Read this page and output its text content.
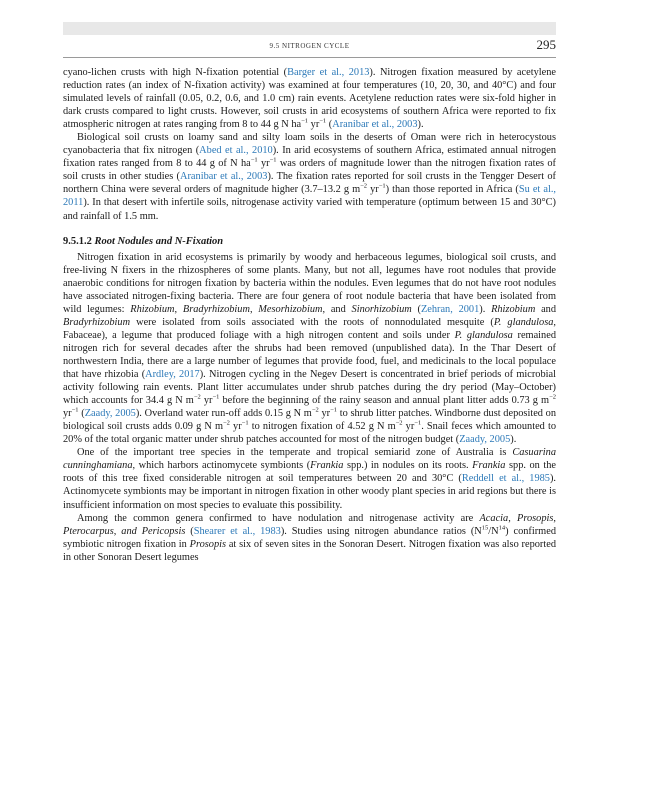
9.5 NITROGEN CYCLE	295

cyano-lichen crusts with high N-fixation potential (Barger et al., 2013). Nitrogen fixation measured by acetylene reduction rates (an index of N-fixation activity) was examined at four temperatures (10, 20, 30, and 40°C) and four simulated levels of rainfall (0.05, 0.2, 0.6, and 1.0 cm) rain events. Acetylene reduction rates were six-fold higher in dark crusts compared to light crusts. However, soil crusts in arid ecosystems of southern Africa were reported to fix atmospheric nitrogen at rates ranging from 8 to 44 g N $ha^{-1}$ $yr^{-1}$ (Aranibar et al., 2003).

Biological soil crusts on loamy sand and silty loam soils in the deserts of Oman were rich in heterocystous cyanobacteria that fix nitrogen (Abed et al., 2010). In arid ecosystems of southern Africa, estimated annual nitrogen fixation rates ranged from 8 to 44 g of N $ha^{-1}$ $yr^{-1}$ was orders of magnitude lower than the nitrogen fixation rates of soil crusts in other studies (Aranibar et al., 2003). The fixation rates reported for soil crusts in the Tengger Desert of northern China were several orders of magnitude higher (3.7–13.2 g $m^{-2}$ $yr^{-1}$) than those reported in Africa (Su et al., 2011). In that desert with infertile soils, nitrogenase activity varied with temperature (optimum between 15 and 30°C) and rainfall of 1.5 mm.

9.5.1.2 Root Nodules and N-Fixation

Nitrogen fixation in arid ecosystems is primarily by woody and herbaceous legumes, biological soil crusts, and free-living N fixers in the rhizospheres of some plants. Many, but not all, legumes have root nodules that provide anaerobic conditions for nitrogen fixation by bacteria within the nodules. Even legumes that do not have root nodules have associated nitrogen-fixing bacteria. There are four genera of root nodule bacteria that have been isolated from wild legumes: Rhizobium, Bradyrhizobium, Mesorhizobium, and Sinorhizobium (Zehran, 2001). Rhizobium and Bradyrhizobium were isolated from soils associated with the roots of nonnodulated mesquite (P. glandulosa, Fabaceae), a legume that produced foliage with a high nitrogen content and soils under P. glandulosa remained nitrogen rich for several decades after the shrubs had been removed (unpublished data). In the Thar Desert of northwestern India, there are a large number of legumes that provide food, fuel, and medicinals to the local populace that have rhizobia (Ardley, 2017). Nitrogen cycling in the Negev Desert is concentrated in brief periods of microbial activity following rain events. Plant litter accumulates under shrub patches during the dry period (May–October) which accounts for 34.4 g N $m^{-2}$ $yr^{-1}$ before the beginning of the rainy season and annual plant litter adds 0.73 g $m^{-2}$ $yr^{-1}$ (Zaady, 2005). Overland water run-off adds 0.15 g N $m^{-2}$ $yr^{-1}$ to shrub litter patches. Windborne dust deposited on biological soil crusts adds 0.09 g N $m^{-2}$ $yr^{-1}$ to nitrogen fixation of 4.52 g N $m^{-2}$ $yr^{-1}$. Snail feces which amounted to 20% of the total organic matter under shrub patches accounted for most of the nitrogen budget (Zaady, 2005).

One of the important tree species in the temperate and tropical semiarid zone of Australia is Casuarina cunninghamiana, which harbors actinomycete symbionts (Frankia spp.) in nodules on its roots. Frankia spp. on the roots of this tree fixed considerable nitrogen at soil temperatures between 20 and 30°C (Reddell et al., 1985). Actinomycete symbionts may be important in nitrogen fixation in other woody plant species in arid regions but there is insufficient information on most species to evaluate this possibility.

Among the common genera confirmed to have nodulation and nitrogenase activity are Acacia, Prosopis, Pterocarpus, and Pericopsis (Shearer et al., 1983). Studies using nitrogen abundance ratios $(N^{15}/N^{14})$ confirmed symbiotic nitrogen fixation in Prosopis at six of seven sites in the Sonoran Desert. Nitrogen fixation was also reported in other Sonoran Desert legumes
